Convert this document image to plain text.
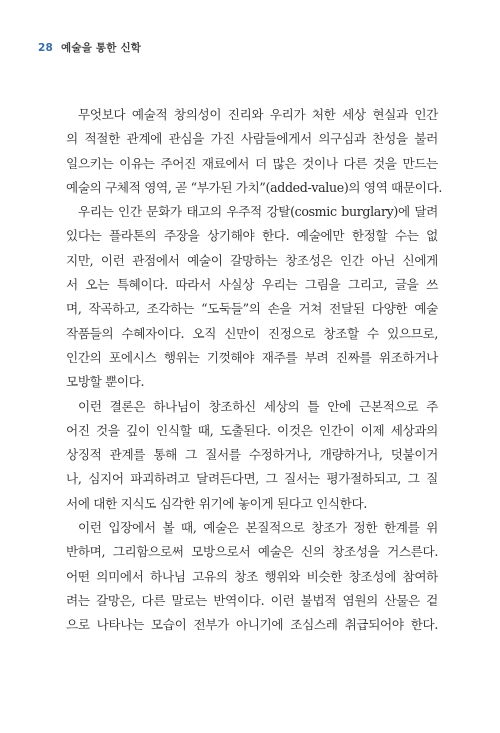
28 예술을 통한 신학
무엇보다 예술적 창의성이 진리와 우리가 처한 세상 현실과 인간
의 적절한 관계에 관심을 가진 사람들에게서 의구심과 찬성을 불러
일으키는 이유는 주어진 재료에서 더 많은 것이나 다른 것을 만드는
예술의 구체적 영역, 곧 “부가된 가치”(added-value)의 영역 때문이다.
우리는 인간 문화가 태고의 우주적 강탈(cosmic burglary)에 달려
있다는 플라톤의 주장을 상기해야 한다. 예술에만 한정할 수는 없
지만, 이런 관점에서 예술이 갈망하는 창조성은 인간 아닌 신에게
서 오는 특혜이다. 따라서 사실상 우리는 그림을 그리고, 글을 쓰
며, 작곡하고, 조각하는 “도둑들”의 손을 거쳐 전달된 다양한 예술
작품들의 수혜자이다. 오직 신만이 진정으로 창조할 수 있으므로,
인간의 포에시스 행위는 기껏해야 재주를 부려 진짜를 위조하거나
모방할 뿐이다.
이런 결론은 하나님이 창조하신 세상의 틀 안에 근본적으로 주
어진 것을 깊이 인식할 때, 도출된다. 이것은 인간이 이제 세상과의
상징적 관계를 통해 그 질서를 수정하거나, 개량하거나, 덧붙이거
나, 심지어 파괴하려고 달려든다면, 그 질서는 평가절하되고, 그 질
서에 대한 지식도 심각한 위기에 놓이게 된다고 인식한다.
이런 입장에서 볼 때, 예술은 본질적으로 창조가 정한 한계를 위
반하며, 그리함으로써 모방으로서 예술은 신의 창조성을 거스른다.
어떤 의미에서 하나님 고유의 창조 행위와 비슷한 창조성에 참여하
려는 갈망은, 다른 말로는 반역이다. 이런 불법적 염원의 산물은 겉
으로 나타나는 모습이 전부가 아니기에 조심스레 취급되어야 한다.
